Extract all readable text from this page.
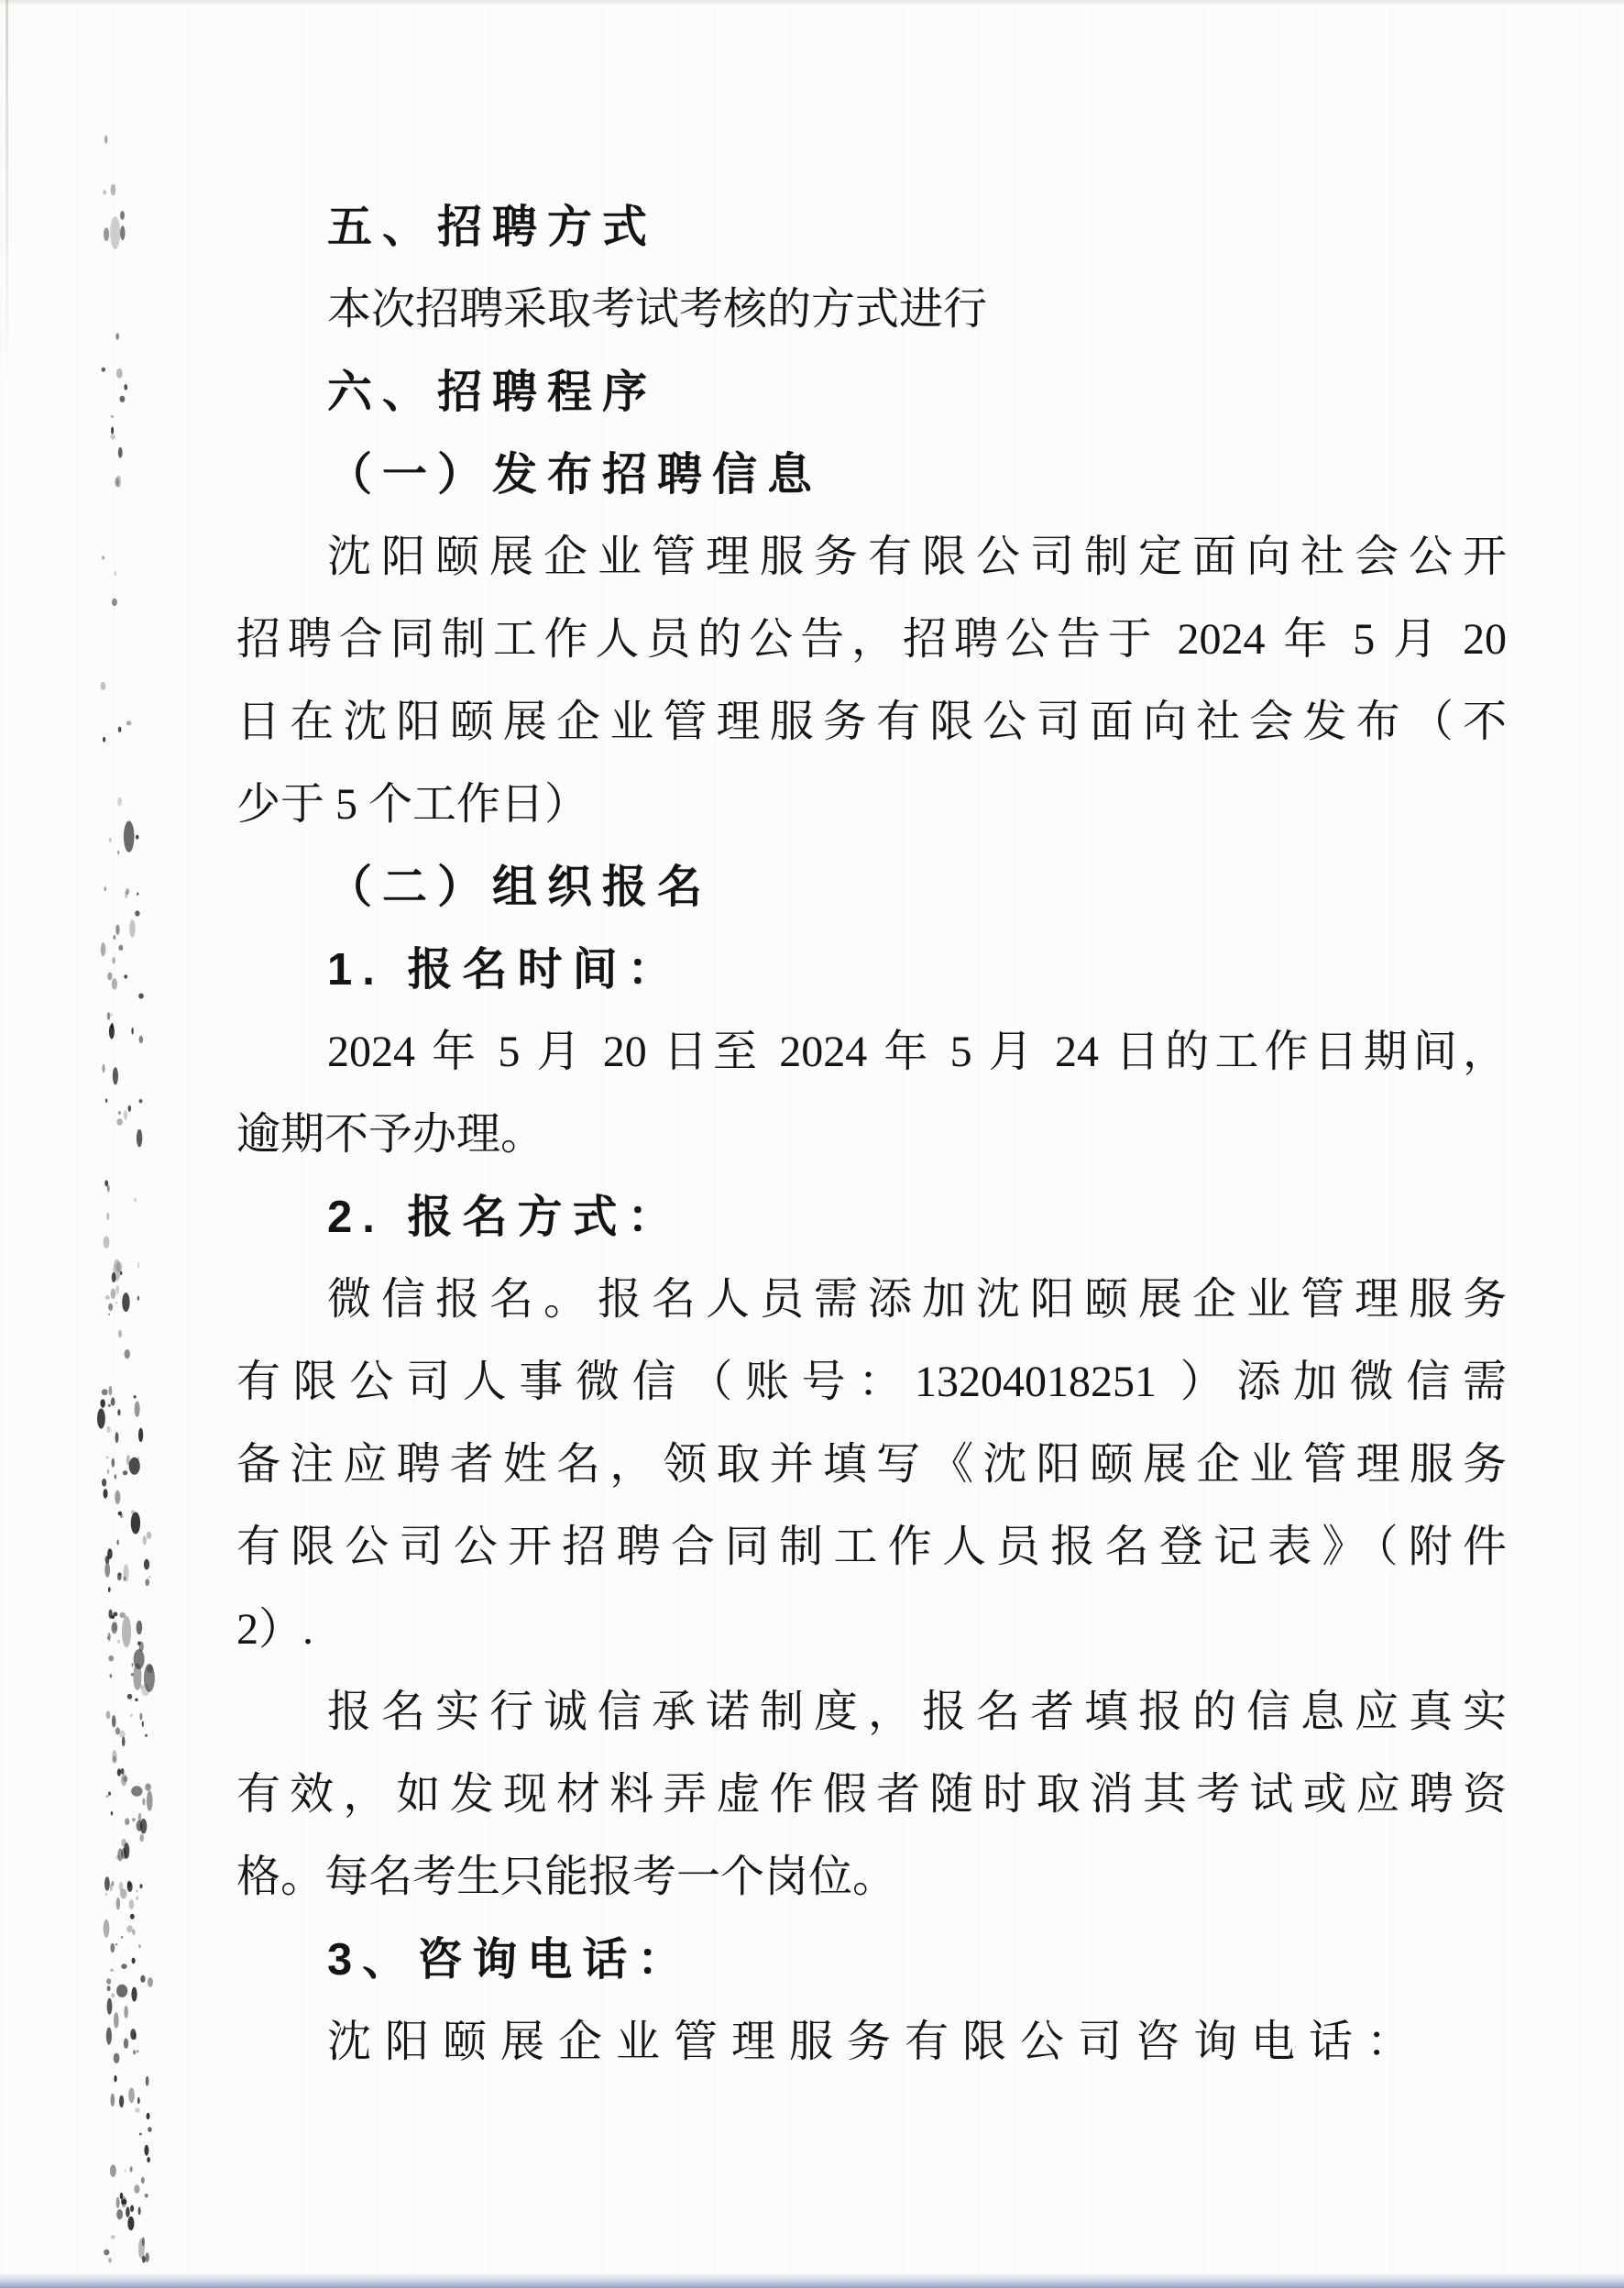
五、招聘方式
本次招聘采取考试考核的方式进行
六、招聘程序
（一）发布招聘信息
沈阳颐展企业管理服务有限公司制定面向社会公开
招聘合同制工作人员的公告，招聘公告于 2024 年 5 月 20
日在沈阳颐展企业管理服务有限公司面向社会发布（不
少于 5 个工作日）
（二）组织报名
1. 报名时间：
2024 年 5 月 20 日至 2024 年 5 月 24 日的工作日期间，
逾期不予办理。
2. 报名方式：
微信报名。报名人员需添加沈阳颐展企业管理服务
有限公司人事微信（账号：13204018251 ）添加微信需
备注应聘者姓名，领取并填写《沈阳颐展企业管理服务
有限公司公开招聘合同制工作人员报名登记表》（附件
2）.
报名实行诚信承诺制度，报名者填报的信息应真实
有效，如发现材料弄虚作假者随时取消其考试或应聘资
格。每名考生只能报考一个岗位。
3、咨询电话：
沈阳颐展企业管理服务有限公司咨询电话：
